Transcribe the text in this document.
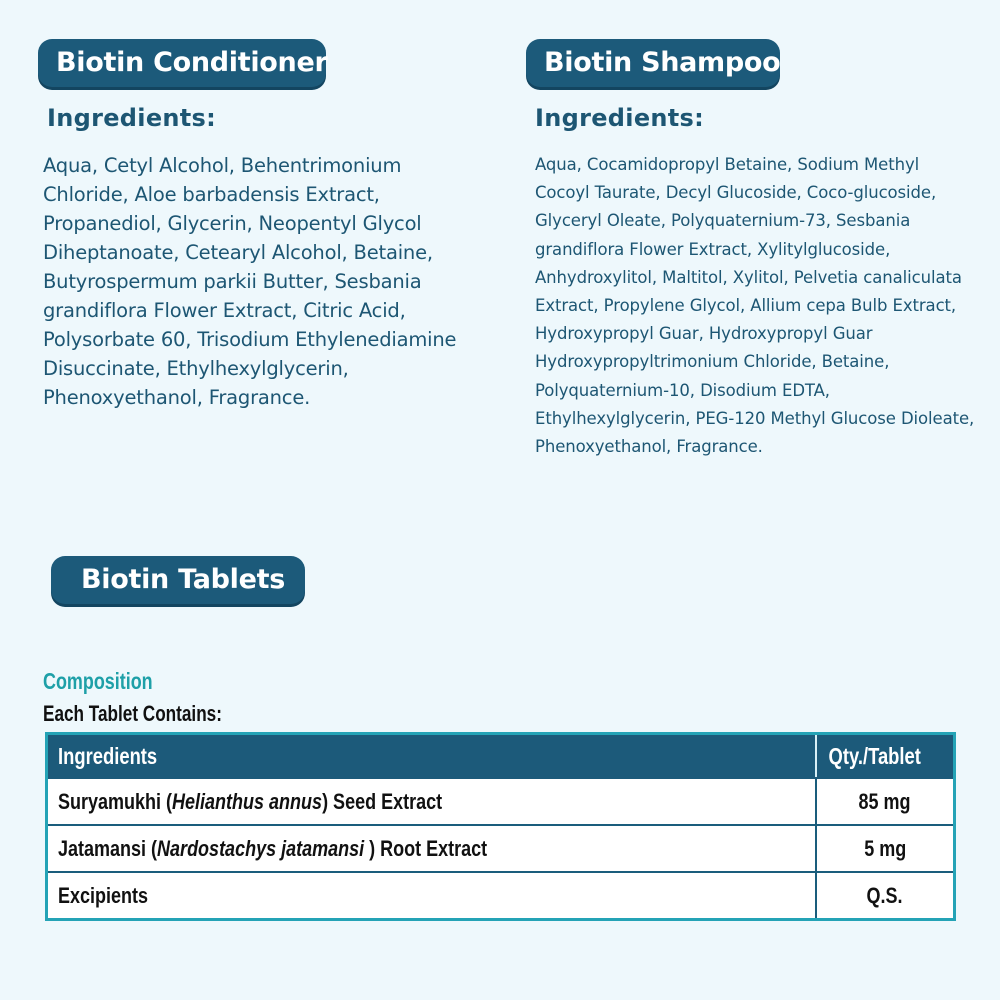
Biotin Conditioner
Ingredients:

Aqua, Cetyl Alcohol, Behentrimonium Chloride, Aloe barbadensis Extract, Propanediol, Glycerin, Neopentyl Glycol Diheptanoate, Cetearyl Alcohol, Betaine, Butyrospermum parkii Butter, Sesbania grandiflora Flower Extract, Citric Acid, Polysorbate 60, Trisodium Ethylenediamine Disuccinate, Ethylhexylglycerin, Phenoxyethanol, Fragrance.

Biotin Shampoo
Ingredients:

Aqua, Cocamidopropyl Betaine, Sodium Methyl Cocoyl Taurate, Decyl Glucoside, Coco-glucoside, Glyceryl Oleate, Polyquaternium-73, Sesbania grandiflora Flower Extract, Xylitylglucoside, Anhydroxylitol, Maltitol, Xylitol, Pelvetia canaliculata Extract, Propylene Glycol, Allium cepa Bulb Extract, Hydroxypropyl Guar, Hydroxypropyl Guar Hydroxypropyltrimonium Chloride, Betaine, Polyquaternium-10, Disodium EDTA, Ethylhexylglycerin, PEG-120 Methyl Glucose Dioleate, Phenoxyethanol, Fragrance.

Biotin Tablets
Composition
Each Tablet Contains:
Ingredients	Qty./Tablet
Suryamukhi (Helianthus annus) Seed Extract	85 mg
Jatamansi (Nardostachys jatamansi ) Root Extract	5 mg
Excipients	Q.S.
